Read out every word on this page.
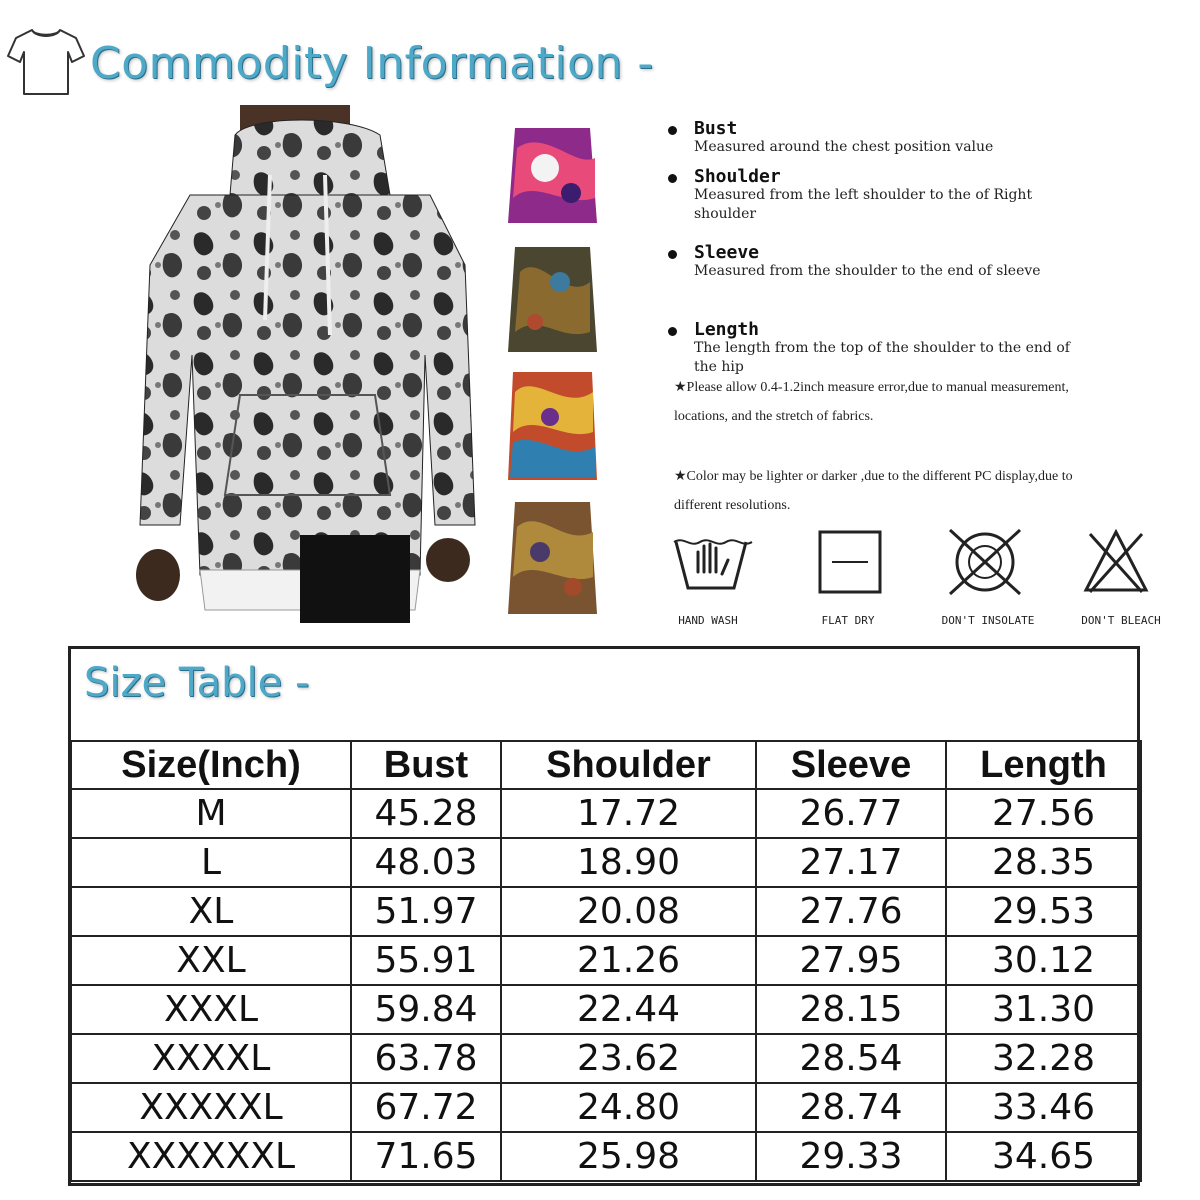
Commodity Information -
Bust
Measured around the chest position value
Shoulder
Measured from the left shoulder to the of Right shoulder
Sleeve
Measured from the shoulder to the end of sleeve
Length
The length from the top of the shoulder to the end of the hip
★Please allow 0.4-1.2inch measure error,due to manual measurement, locations, and the stretch of fabrics.
★Color may be lighter or darker ,due to the different PC display,due to different resolutions.
HAND WASH	FLAT DRY	DON'T INSOLATE	DON'T BLEACH
Size Table -
Size(Inch)	Bust	Shoulder	Sleeve	Length
M	45.28	17.72	26.77	27.56
L	48.03	18.90	27.17	28.35
XL	51.97	20.08	27.76	29.53
XXL	55.91	21.26	27.95	30.12
XXXL	59.84	22.44	28.15	31.30
XXXXL	63.78	23.62	28.54	32.28
XXXXXL	67.72	24.80	28.74	33.46
XXXXXXL	71.65	25.98	29.33	34.65
